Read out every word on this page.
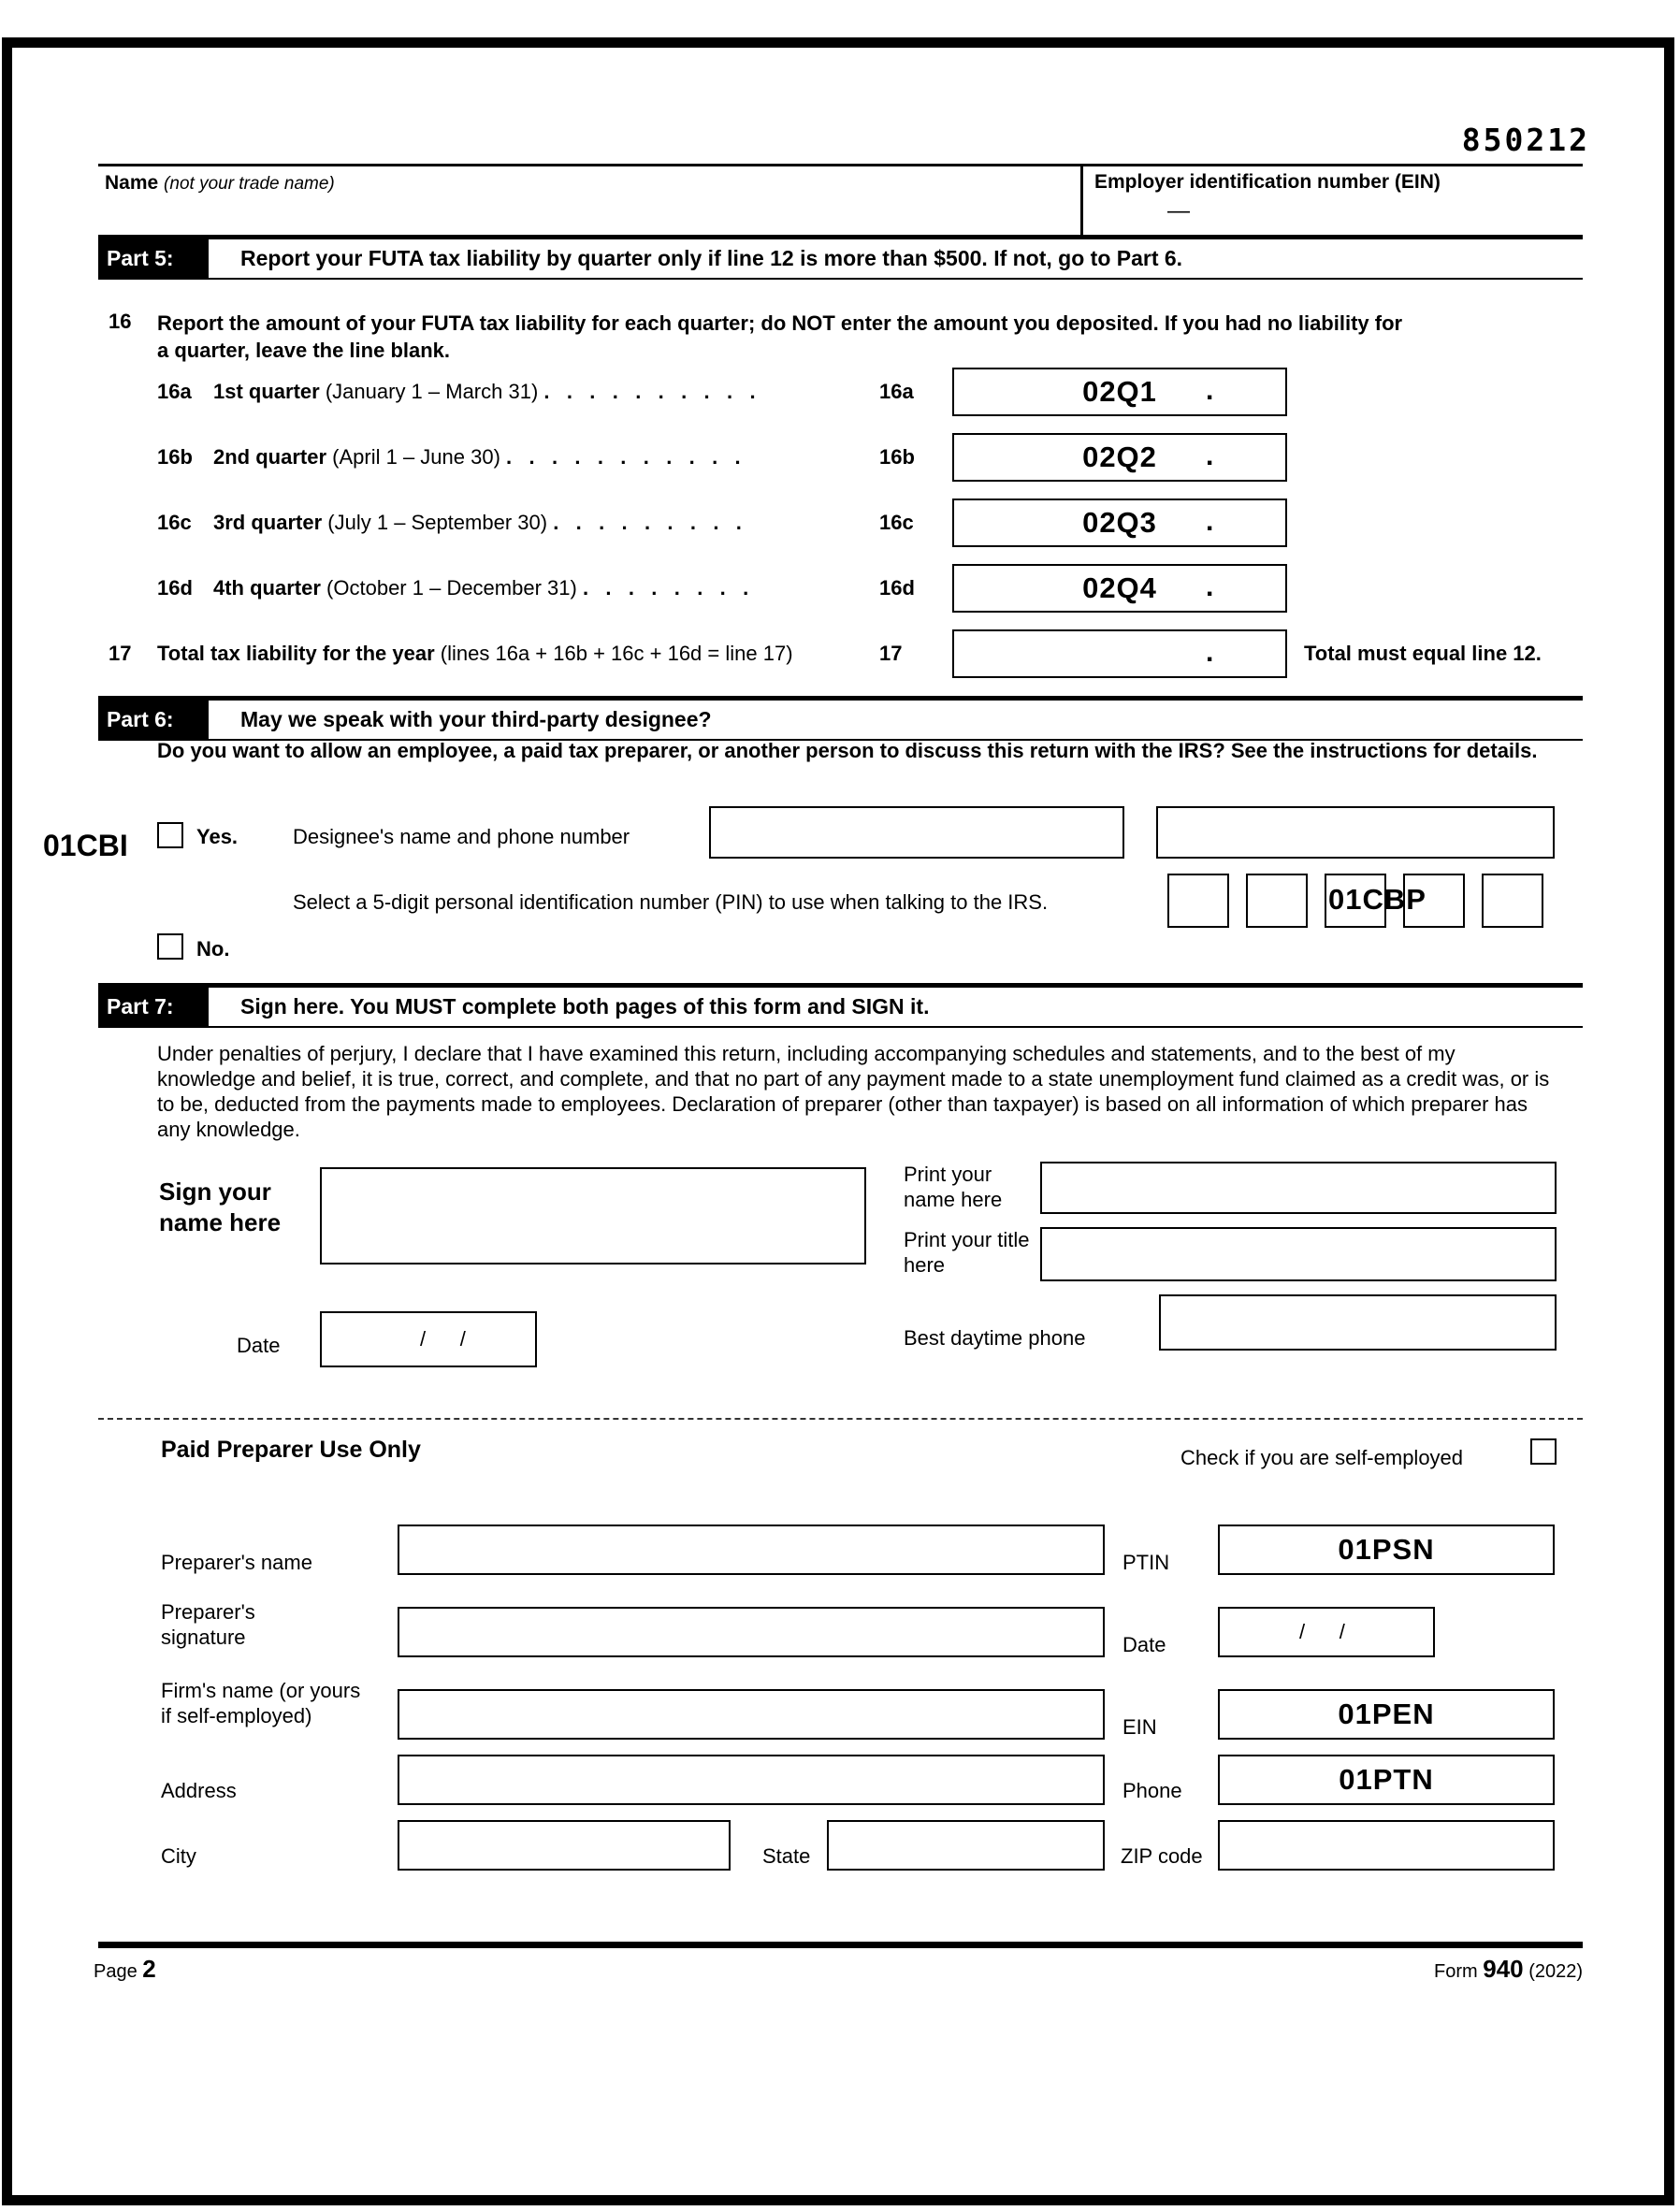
850212
Name (not your trade name)	Employer identification number (EIN)
—
Part 5:	Report your FUTA tax liability by quarter only if line 12 is more than $500. If not, go to Part 6.
16 Report the amount of your FUTA tax liability for each quarter; do NOT enter the amount you deposited. If you had no liability for
a quarter, leave the line blank.
16a 1st quarter (January 1 – March 31) .   .   .   .   .   .   .   .   .   .	16a	02Q1	.
16b 2nd quarter (April 1 – June 30) .   .   .   .   .   .   .   .   .   .   .	16b	02Q2	.
16c 3rd quarter (July 1 – September 30) .   .   .   .   .   .   .   .   .	16c	02Q3	.
16d 4th quarter (October 1 – December 31) .   .   .   .   .   .   .   .	16d	02Q4	.
17 Total tax liability for the year (lines 16a + 16b + 16c + 16d = line 17)	17	.	Total must equal line 12.
Part 6:	May we speak with your third-party designee?
Do you want to allow an employee, a paid tax preparer, or another person to discuss this return with the IRS? See the instructions for details.
01CBI	Yes.	Designee's name and phone number
Select a 5-digit personal identification number (PIN) to use when talking to the IRS.	01CBP
No.
Part 7:	Sign here. You MUST complete both pages of this form and SIGN it.
Under penalties of perjury, I declare that I have examined this return, including accompanying schedules and statements, and to the best of my knowledge and belief, it is true, correct, and complete, and that no part of any payment made to a state unemployment fund claimed as a credit was, or is to be, deducted from the payments made to employees. Declaration of preparer (other than taxpayer) is based on all information of which preparer has any knowledge.
Sign your name here
Print your name here
Print your title here
Date	/      /	Best daytime phone
Paid Preparer Use Only	Check if you are self-employed
Preparer's name	PTIN	01PSN
Preparer's signature	Date
/      /
Firm's name (or yours if self-employed)	EIN	01PEN
Address	Phone	01PTN
City	State	ZIP code
Page 2	Form 940 (2022)
